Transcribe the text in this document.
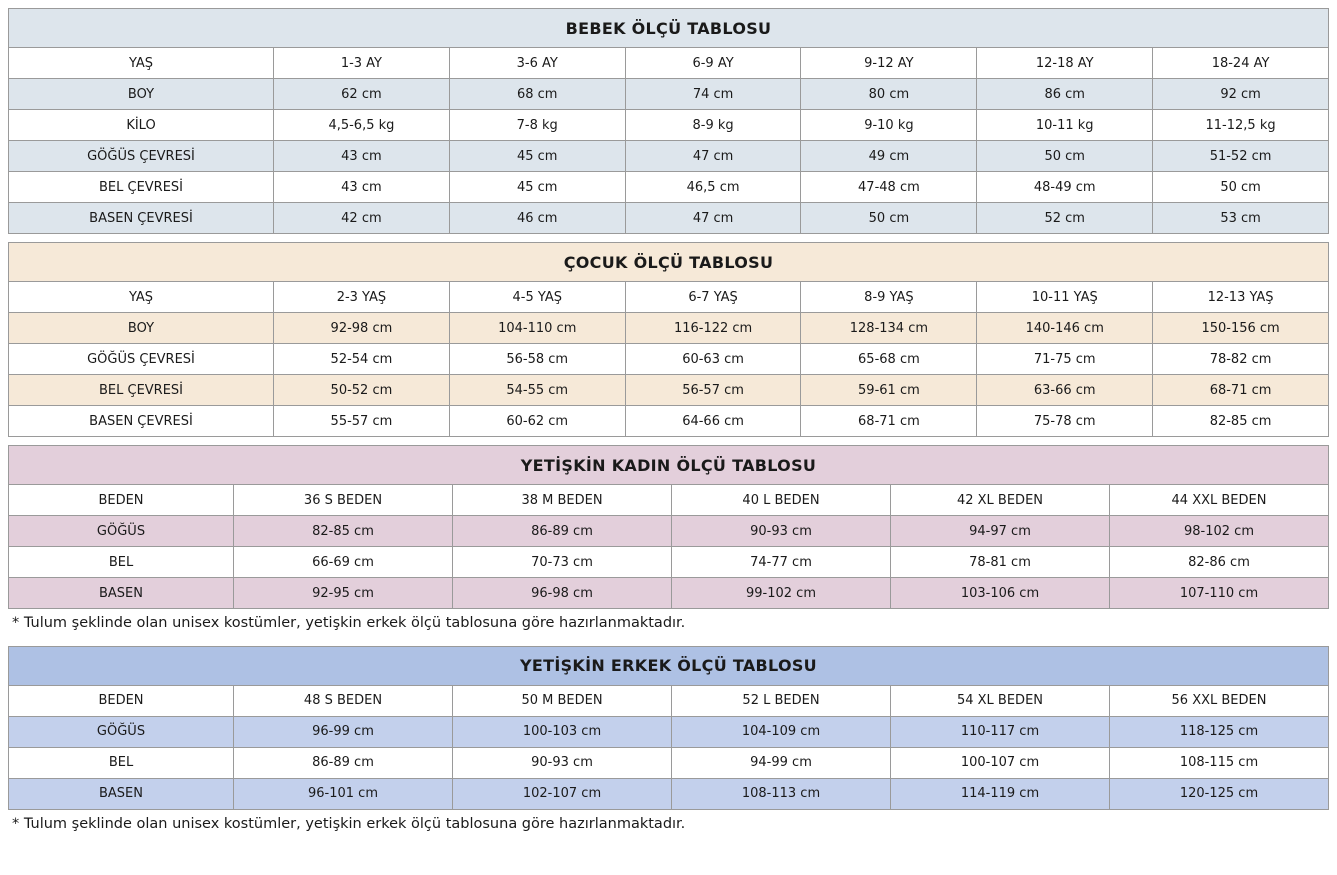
BEBEK ÖLÇÜ TABLOSU						
YAŞ	1-3 AY	3-6 AY	6-9 AY	9-12 AY	12-18 AY	18-24 AY
BOY	62 cm	68 cm	74 cm	80 cm	86 cm	92 cm
KİLO	4,5-6,5 kg	7-8 kg	8-9 kg	9-10 kg	10-11 kg	11-12,5 kg
GÖĞÜS ÇEVRESİ	43 cm	45 cm	47 cm	49 cm	50 cm	51-52 cm
BEL ÇEVRESİ	43 cm	45 cm	46,5 cm	47-48 cm	48-49 cm	50 cm
BASEN ÇEVRESİ	42 cm	46 cm	47 cm	50 cm	52 cm	53 cm
ÇOCUK ÖLÇÜ TABLOSU						
YAŞ	2-3 YAŞ	4-5 YAŞ	6-7 YAŞ	8-9 YAŞ	10-11 YAŞ	12-13 YAŞ
BOY	92-98 cm	104-110 cm	116-122 cm	128-134 cm	140-146 cm	150-156 cm
GÖĞÜS ÇEVRESİ	52-54 cm	56-58 cm	60-63 cm	65-68 cm	71-75 cm	78-82 cm
BEL ÇEVRESİ	50-52 cm	54-55 cm	56-57 cm	59-61 cm	63-66 cm	68-71 cm
BASEN ÇEVRESİ	55-57 cm	60-62 cm	64-66 cm	68-71 cm	75-78 cm	82-85 cm
YETİŞKİN KADIN ÖLÇÜ TABLOSU					
BEDEN	36 S BEDEN	38 M BEDEN	40 L BEDEN	42 XL BEDEN	44 XXL BEDEN
GÖĞÜS	82-85 cm	86-89 cm	90-93 cm	94-97 cm	98-102 cm
BEL	66-69 cm	70-73 cm	74-77 cm	78-81 cm	82-86 cm
BASEN	92-95 cm	96-98 cm	99-102 cm	103-106 cm	107-110 cm
* Tulum şeklinde olan unisex kostümler, yetişkin erkek ölçü tablosuna göre hazırlanmaktadır.
YETİŞKİN ERKEK ÖLÇÜ TABLOSU					
BEDEN	48 S BEDEN	50 M BEDEN	52 L BEDEN	54 XL BEDEN	56 XXL BEDEN
GÖĞÜS	96-99 cm	100-103 cm	104-109 cm	110-117 cm	118-125 cm
BEL	86-89 cm	90-93 cm	94-99 cm	100-107 cm	108-115 cm
BASEN	96-101 cm	102-107 cm	108-113 cm	114-119 cm	120-125 cm
* Tulum şeklinde olan unisex kostümler, yetişkin erkek ölçü tablosuna göre hazırlanmaktadır.
